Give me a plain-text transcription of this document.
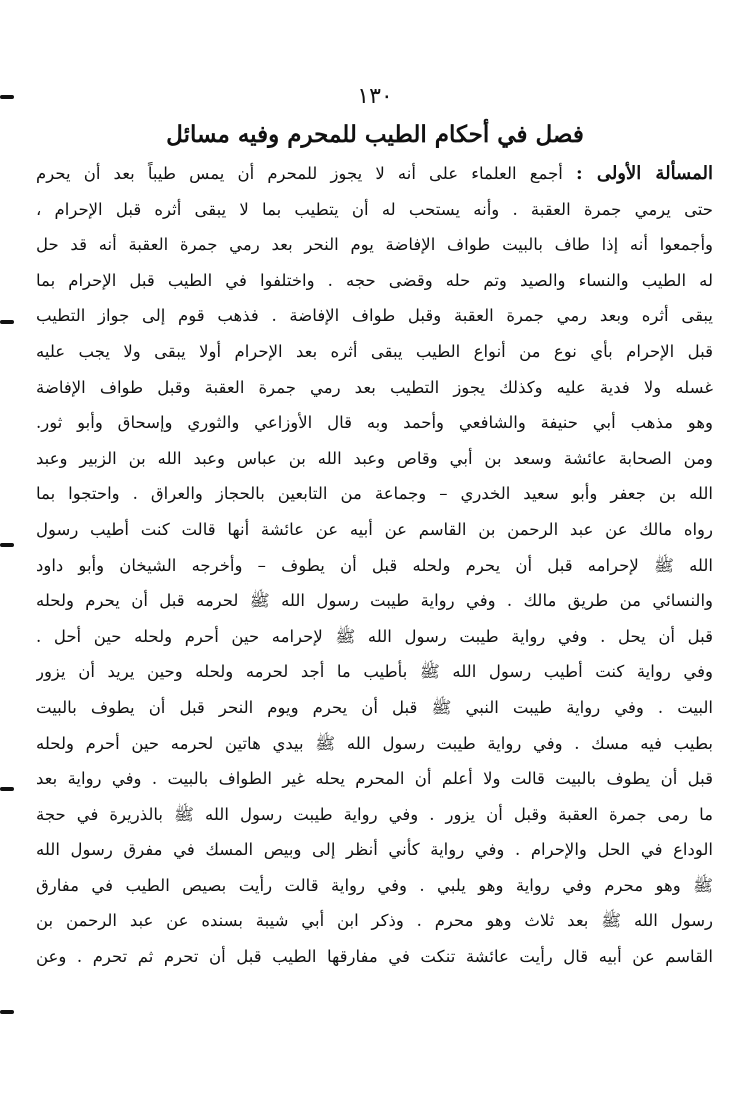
١٣٠
فصل في أحكام الطيب للمحرم وفيه مسائل
المسألة الأولى : أجمع العلماء على أنه لا يجوز للمحرم أن يمس طيباً بعد أن يحرم
حتى يرمي جمرة العقبة . وأنه يستحب له أن يتطيب بما لا يبقى أثره قبل الإحرام ،
وأجمعوا أنه إذا طاف بالبيت طواف الإفاضة يوم النحر بعد رمي جمرة العقبة أنه قد حل
له الطيب والنساء والصيد وتم حله وقضى حجه . واختلفوا في الطيب قبل الإحرام بما
يبقى أثره وبعد رمي جمرة العقبة وقبل طواف الإفاضة . فذهب قوم إلى جواز التطيب
قبل الإحرام بأي نوع من أنواع الطيب يبقى أثره بعد الإحرام أولا يبقى ولا يجب عليه
غسله ولا فدية عليه وكذلك يجوز التطيب بعد رمي جمرة العقبة وقبل طواف الإفاضة
وهو مذهب أبي حنيفة والشافعي وأحمد وبه قال الأوزاعي والثوري وإسحاق وأبو ثور.
ومن الصحابة عائشة وسعد بن أبي وقاص وعبد الله بن عباس وعبد الله بن الزبير وعبد
الله بن جعفر وأبو سعيد الخدري – وجماعة من التابعين بالحجاز والعراق . واحتجوا بما
رواه مالك عن عبد الرحمن بن القاسم عن أبيه عن عائشة أنها قالت كنت أطيب رسول
الله ﷺ لإحرامه قبل أن يحرم ولحله قبل أن يطوف – وأخرجه الشيخان وأبو داود
والنسائي من طريق مالك . وفي رواية طيبت رسول الله ﷺ لحرمه قبل أن يحرم ولحله
قبل أن يحل . وفي رواية طيبت رسول الله ﷺ لإحرامه حين أحرم ولحله حين أحل .
وفي رواية كنت أطيب رسول الله ﷺ بأطيب ما أجد لحرمه ولحله وحين يريد أن يزور
البيت . وفي رواية طيبت النبي ﷺ قبل أن يحرم ويوم النحر قبل أن يطوف بالبيت
بطيب فيه مسك . وفي رواية طيبت رسول الله ﷺ بيدي هاتين لحرمه حين أحرم ولحله
قبل أن يطوف بالبيت قالت ولا أعلم أن المحرم يحله غير الطواف بالبيت . وفي رواية بعد
ما رمى جمرة العقبة وقبل أن يزور . وفي رواية طيبت رسول الله ﷺ بالذريرة في حجة
الوداع في الحل والإحرام . وفي رواية كأني أنظر إلى وبيص المسك في مفرق رسول الله
ﷺ وهو محرم وفي رواية وهو يلبي . وفي رواية قالت رأيت بصيص الطيب في مفارق
رسول الله ﷺ بعد ثلاث وهو محرم . وذكر ابن أبي شيبة بسنده عن عبد الرحمن بن
القاسم عن أبيه قال رأيت عائشة تنكت في مفارقها الطيب قبل أن تحرم ثم تحرم . وعن
